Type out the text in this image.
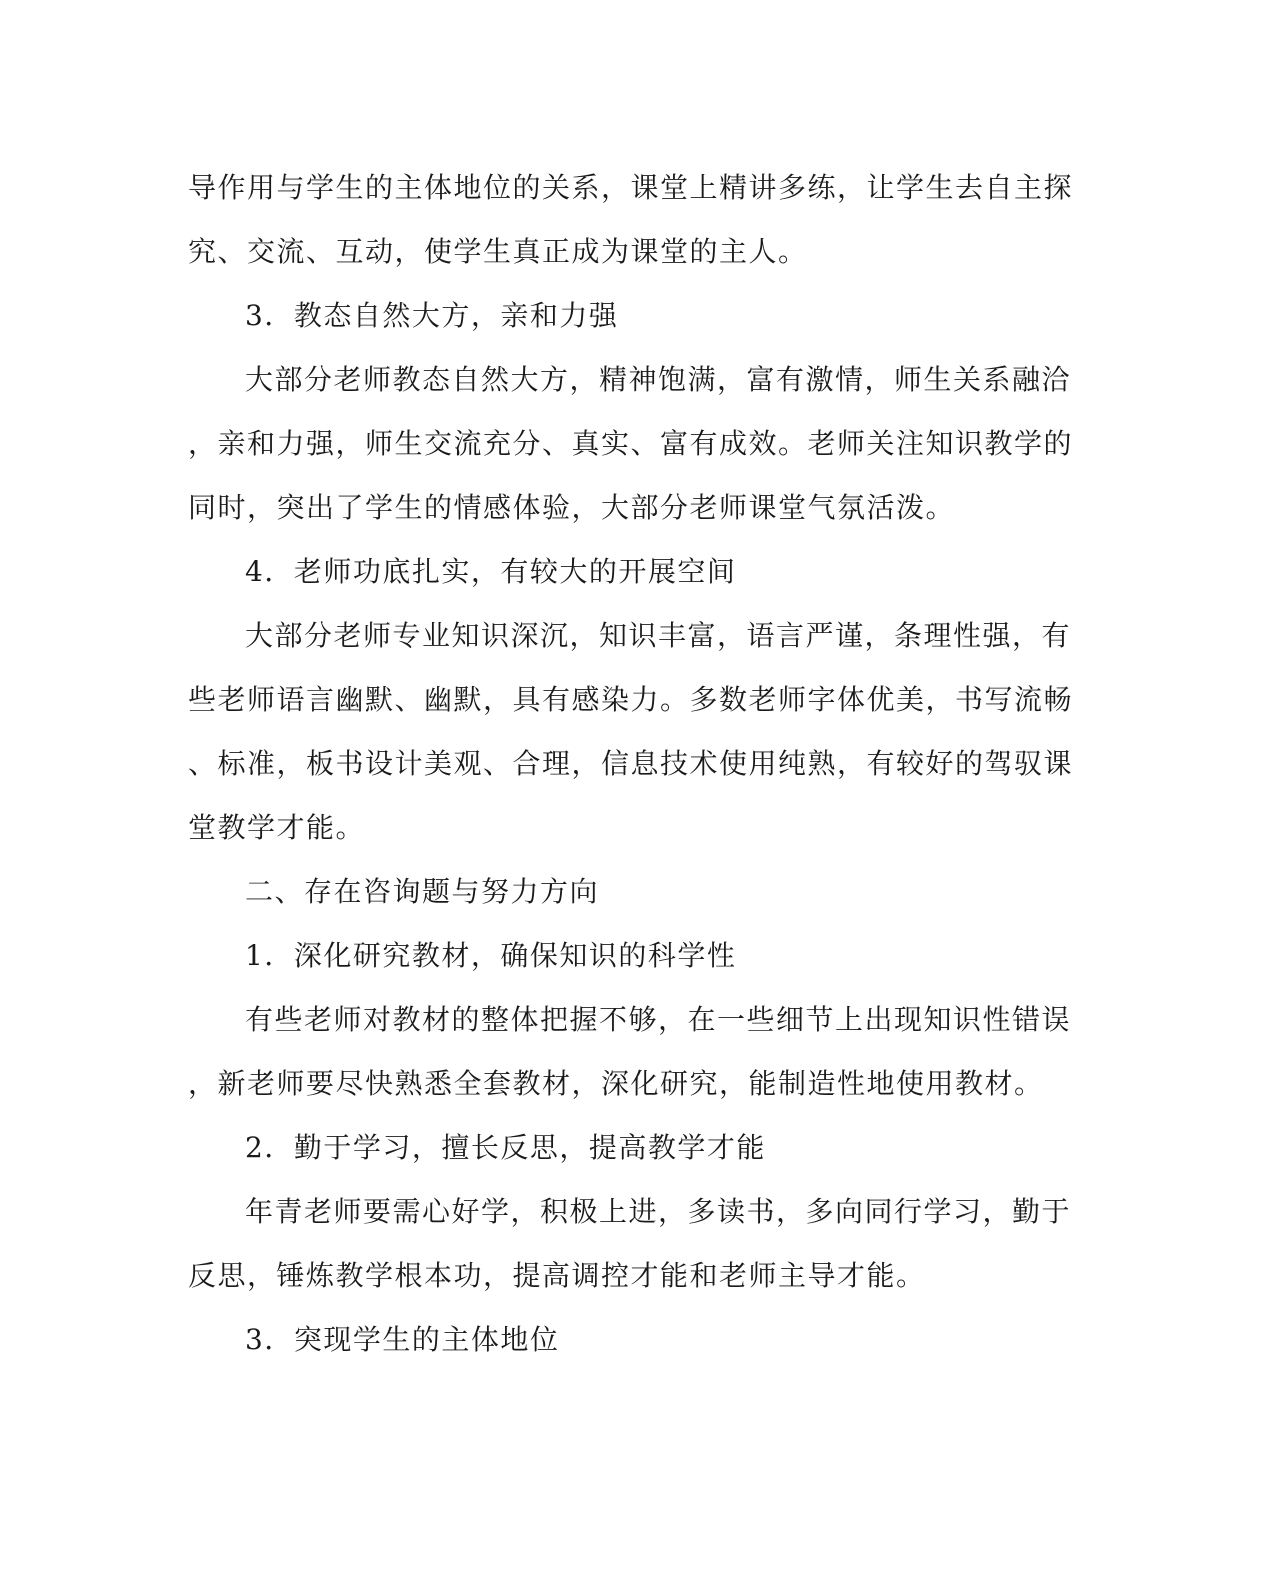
导作用与学生的主体地位的关系，课堂上精讲多练，让学生去自主探
究、交流、互动，使学生真正成为课堂的主人。
3．教态自然大方，亲和力强
大部分老师教态自然大方，精神饱满，富有激情，师生关系融洽
，亲和力强，师生交流充分、真实、富有成效。老师关注知识教学的
同时，突出了学生的情感体验，大部分老师课堂气氛活泼。
4．老师功底扎实，有较大的开展空间
大部分老师专业知识深沉，知识丰富，语言严谨，条理性强，有
些老师语言幽默、幽默，具有感染力。多数老师字体优美，书写流畅
、标准，板书设计美观、合理，信息技术使用纯熟，有较好的驾驭课
堂教学才能。
二、存在咨询题与努力方向
1．深化研究教材，确保知识的科学性
有些老师对教材的整体把握不够，在一些细节上出现知识性错误
，新老师要尽快熟悉全套教材，深化研究，能制造性地使用教材。
2．勤于学习，擅长反思，提高教学才能
年青老师要需心好学，积极上进，多读书，多向同行学习，勤于
反思，锤炼教学根本功，提高调控才能和老师主导才能。
3．突现学生的主体地位
